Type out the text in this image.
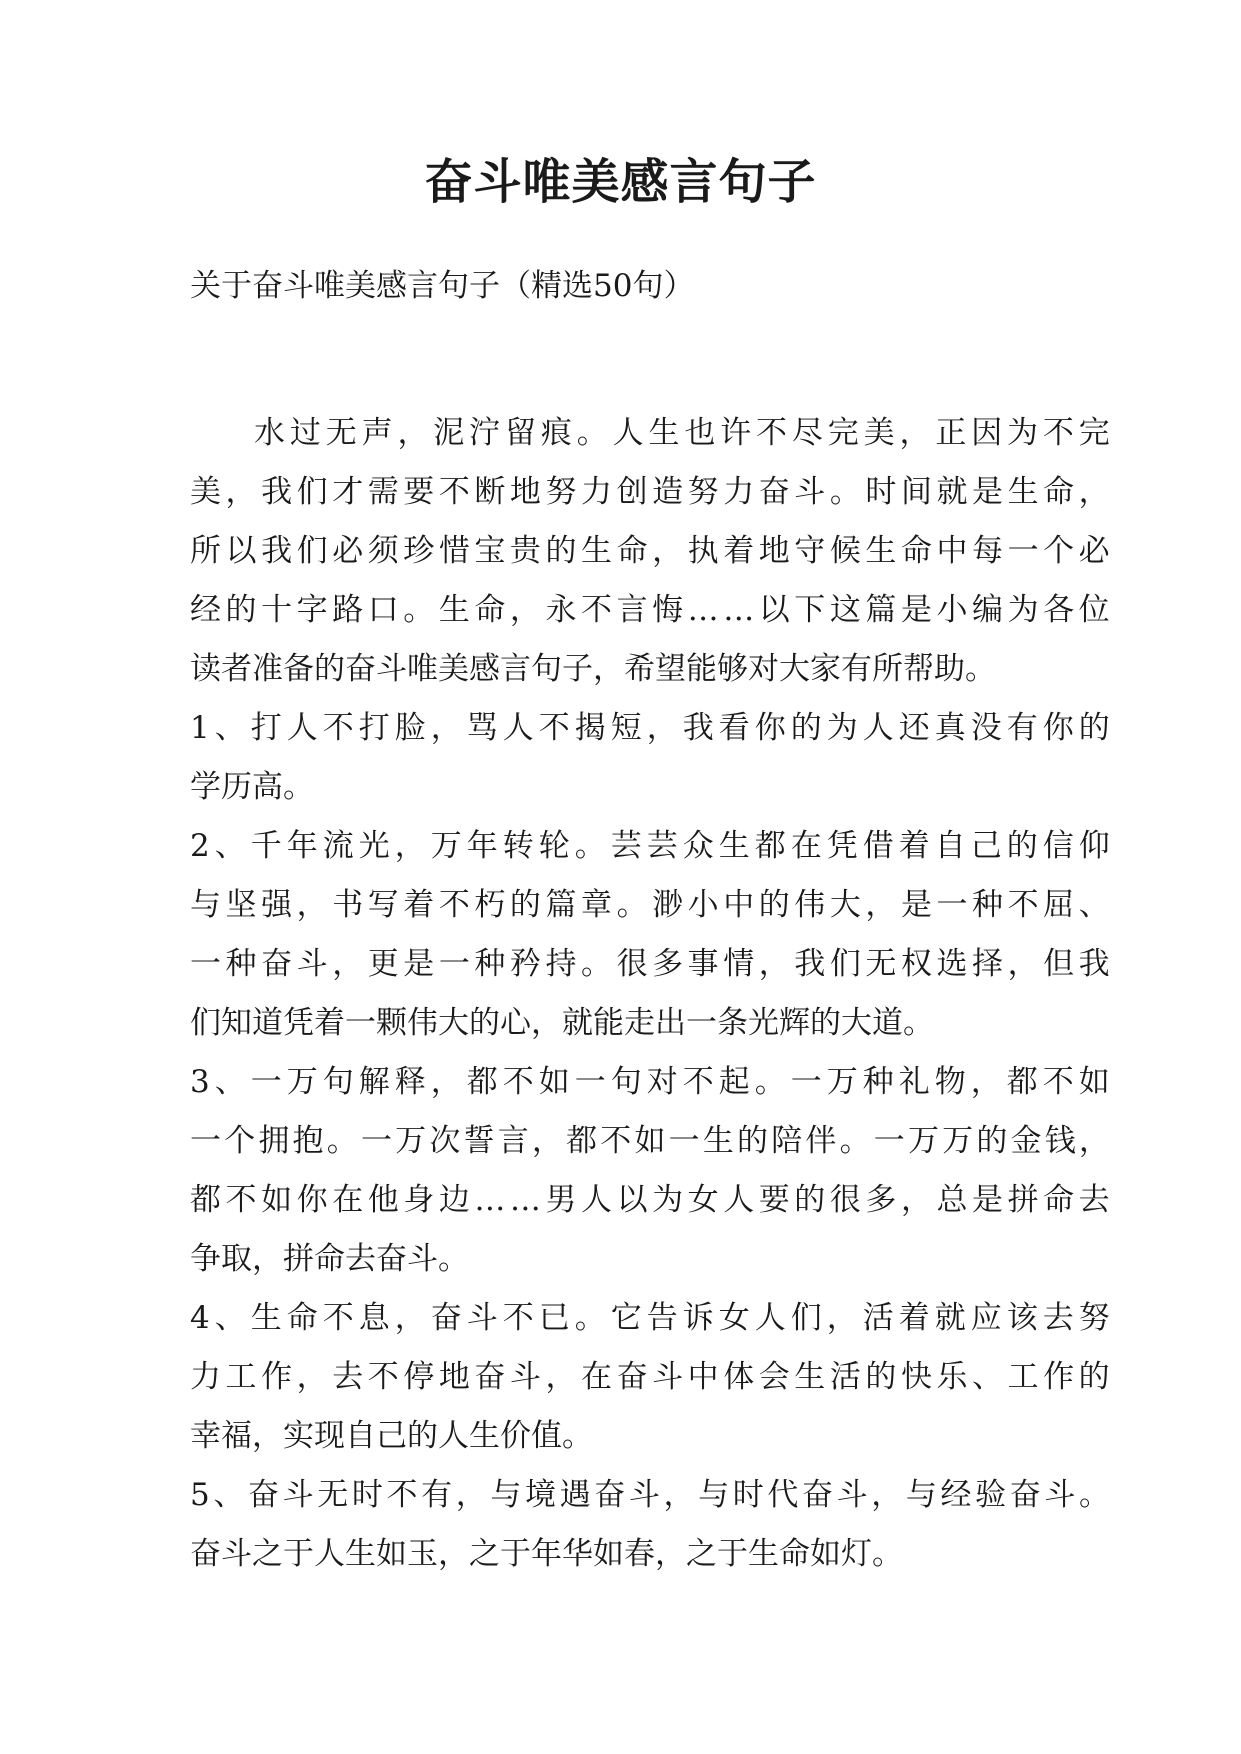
奋斗唯美感言句子
关于奋斗唯美感言句子（精选50句）
水 过 无 声 ， 泥 泞 留 痕 。 人 生 也 许 不 尽 完 美 ， 正 因 为 不 完
美 ， 我 们 才 需 要 不 断 地 努 力 创 造 努 力 奋 斗 。 时 间 就 是 生 命 ，
所 以 我 们 必 须 珍 惜 宝 贵 的 生 命 ， 执 着 地 守 候 生 命 中 每 一 个 必
经 的 十 字 路 口 。 生 命 ， 永 不 言 悔 … … 以 下 这 篇 是 小 编 为 各 位
读者准备的奋斗唯美感言句子，希望能够对大家有所帮助。
1 、 打 人 不 打 脸 ， 骂 人 不 揭 短 ， 我 看 你 的 为 人 还 真 没 有 你 的
学历高。
2 、 千 年 流 光 ， 万 年 转 轮 。 芸 芸 众 生 都 在 凭 借 着 自 己 的 信 仰
与 坚 强 ， 书 写 着 不 朽 的 篇 章 。 渺 小 中 的 伟 大 ， 是 一 种 不 屈 、
一 种 奋 斗 ， 更 是 一 种 矜 持 。 很 多 事 情 ， 我 们 无 权 选 择 ， 但 我
们知道凭着一颗伟大的心，就能走出一条光辉的大道。
3 、 一 万 句 解 释 ， 都 不 如 一 句 对 不 起 。 一 万 种 礼 物 ， 都 不 如
一 个 拥 抱 。 一 万 次 誓 言 ， 都 不 如 一 生 的 陪 伴 。 一 万 万 的 金 钱 ，
都 不 如 你 在 他 身 边 … … 男 人 以 为 女 人 要 的 很 多 ， 总 是 拼 命 去
争取，拼命去奋斗。
4 、 生 命 不 息 ， 奋 斗 不 已 。 它 告 诉 女 人 们 ， 活 着 就 应 该 去 努
力 工 作 ， 去 不 停 地 奋 斗 ， 在 奋 斗 中 体 会 生 活 的 快 乐 、 工 作 的
幸福，实现自己的人生价值。
5 、 奋 斗 无 时 不 有 ， 与 境 遇 奋 斗 ， 与 时 代 奋 斗 ， 与 经 验 奋 斗 。
奋斗之于人生如玉，之于年华如春，之于生命如灯。
